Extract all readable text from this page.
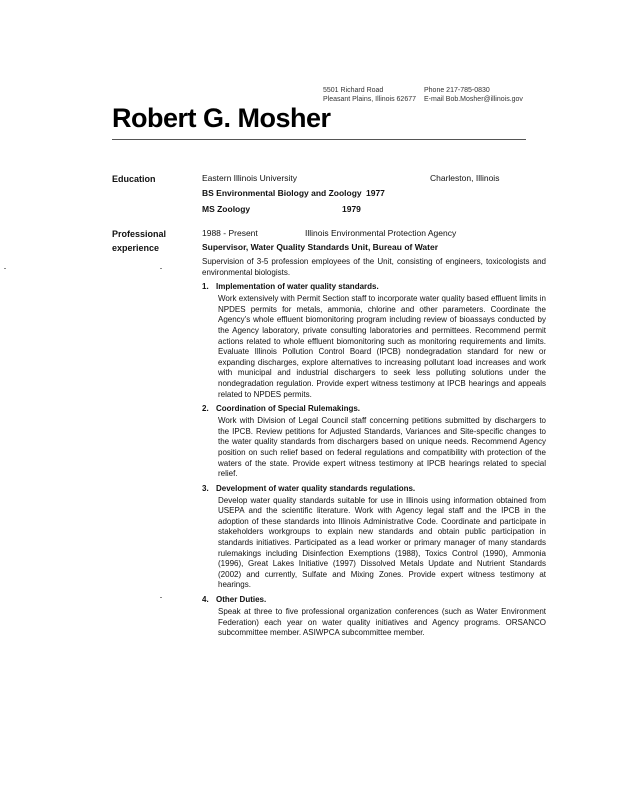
5501 Richard Road
Pleasant Plains, Illinois 62677
Phone 217-785-0830
E-mail Bob.Mosher@illinois.gov
Robert G. Mosher
Education	Eastern Illinois University	Charleston, Illinois
BS Environmental Biology and Zoology 1977
MS Zoology	1979
Professional
experience
1988 - Present	Illinois Environmental Protection Agency
Supervisor, Water Quality Standards Unit, Bureau of Water
Supervision of 3-5 profession employees of the Unit, consisting of engineers, toxicologists and environmental biologists.
1. Implementation of water quality standards.
Work extensively with Permit Section staff to incorporate water quality based effluent limits in NPDES permits for metals, ammonia, chlorine and other parameters. Coordinate the Agency's whole effluent biomonitoring program including review of bioassays conducted by the Agency laboratory, private consulting laboratories and permittees. Recommend permit actions related to whole effluent biomonitoring such as monitoring requirements and limits. Evaluate Illinois Pollution Control Board (IPCB) nondegradation standard for new or expanding discharges, explore alternatives to increasing pollutant load increases and work with municipal and industrial dischargers to seek less polluting solutions under the nondegradation regulation. Provide expert witness testimony at IPCB hearings and appeals related to NPDES permits.
2. Coordination of Special Rulemakings.
Work with Division of Legal Council staff concerning petitions submitted by dischargers to the IPCB. Review petitions for Adjusted Standards, Variances and Site-specific changes to the water quality standards from dischargers based on unique needs. Recommend Agency position on such relief based on federal regulations and compatibility with protection of the waters of the state. Provide expert witness testimony at IPCB hearings related to special relief.
3. Development of water quality standards regulations.
Develop water quality standards suitable for use in Illinois using information obtained from USEPA and the scientific literature. Work with Agency legal staff and the IPCB in the adoption of these standards into Illinois Administrative Code. Coordinate and participate in stakeholders workgroups to explain new standards and obtain public participation in standards initiatives. Participated as a lead worker or primary manager of many standards rulemakings including Disinfection Exemptions (1988), Toxics Control (1990), Ammonia (1996), Great Lakes Initiative (1997) Dissolved Metals Update and Nutrient Standards (2002) and currently, Sulfate and Mixing Zones. Provide expert witness testimony at hearings.
4. Other Duties.
Speak at three to five professional organization conferences (such as Water Environment Federation) each year on water quality initiatives and Agency programs. ORSANCO subcommittee member. ASIWPCA subcommittee member.
